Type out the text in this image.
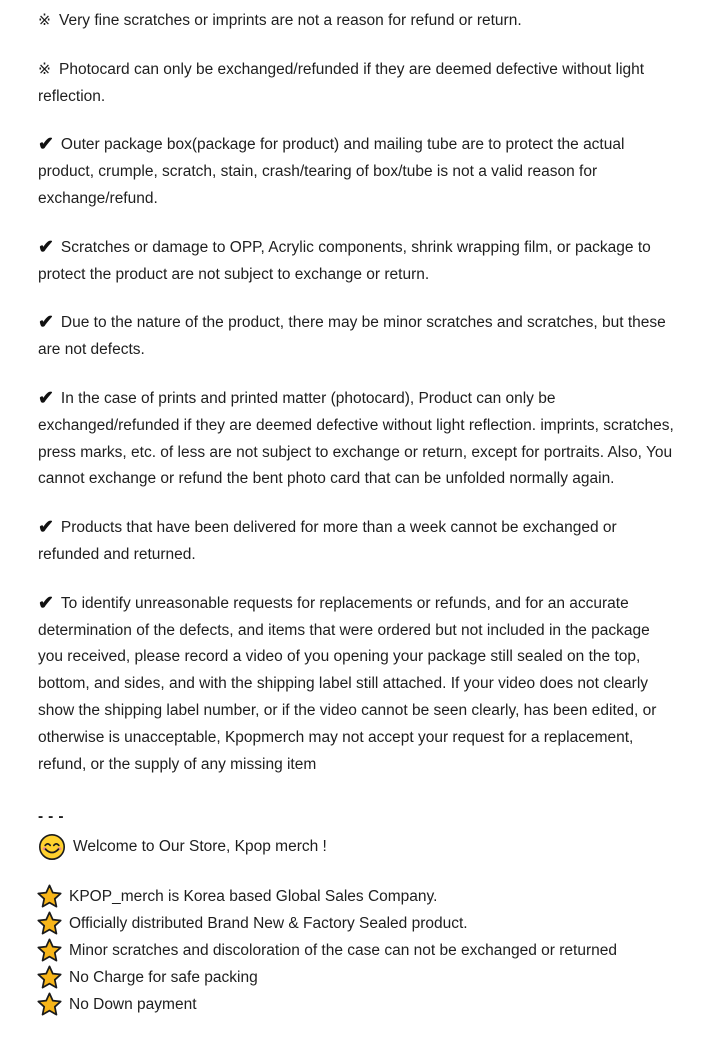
※ Very fine scratches or imprints are not a reason for refund or return.

※ Photocard can only be exchanged/refunded if they are deemed defective without light reflection.

✔ Outer package box(package for product) and mailing tube are to protect the actual product, crumple, scratch, stain, crash/tearing of box/tube is not a valid reason for exchange/refund.

✔ Scratches or damage to OPP, Acrylic components, shrink wrapping film, or package to protect the product are not subject to exchange or return.

✔ Due to the nature of the product, there may be minor scratches and scratches, but these are not defects.

✔ In the case of prints and printed matter (photocard), Product can only be exchanged/refunded if they are deemed defective without light reflection. imprints, scratches, press marks, etc. of less are not subject to exchange or return, except for portraits. Also, You cannot exchange or refund the bent photo card that can be unfolded normally again.

✔ Products that have been delivered for more than a week cannot be exchanged or refunded and returned.

✔ To identify unreasonable requests for replacements or refunds, and for an accurate determination of the defects, and items that were ordered but not included in the package you received, please record a video of you opening your package still sealed on the top, bottom, and sides, and with the shipping label still attached. If your video does not clearly show the shipping label number, or if the video cannot be seen clearly, has been edited, or otherwise is unacceptable, Kpopmerch may not accept your request for a replacement, refund, or the supply of any missing item

---
Welcome to Our Store, Kpop merch !
KPOP_merch is Korea based Global Sales Company.
Officially distributed Brand New & Factory Sealed product.
Minor scratches and discoloration of the case can not be exchanged or returned
No Charge for safe packing
No Down payment
